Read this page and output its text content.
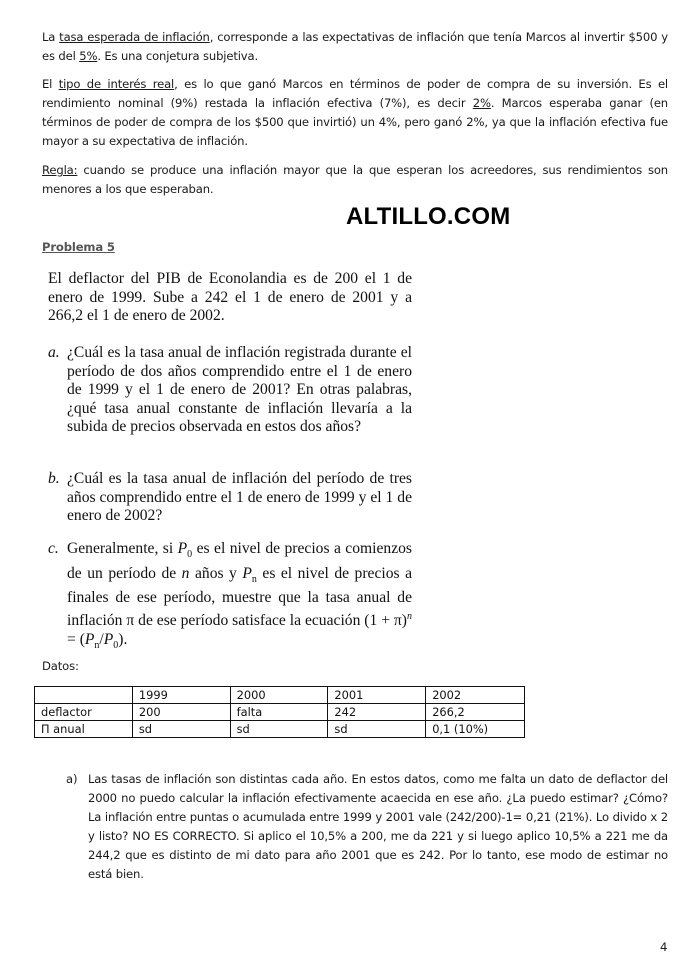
La tasa esperada de inflación, corresponde a las expectativas de inflación que tenía Marcos al invertir $500 y es del 5%. Es una conjetura subjetiva.

El tipo de interés real, es lo que ganó Marcos en términos de poder de compra de su inversión. Es el rendimiento nominal (9%) restada la inflación efectiva (7%), es decir 2%. Marcos esperaba ganar (en términos de poder de compra de los $500 que invirtió) un 4%, pero ganó 2%, ya que la inflación efectiva fue mayor a su expectativa de inflación.

Regla: cuando se produce una inflación mayor que la que esperan los acreedores, sus rendimientos son menores a los que esperaban.

ALTILLO.COM

Problema 5

El deflactor del PIB de Econolandia es de 200 el 1 de enero de 1999. Sube a 242 el 1 de enero de 2001 y a 266,2 el 1 de enero de 2002.

a. ¿Cuál es la tasa anual de inflación registrada durante el período de dos años comprendido entre el 1 de enero de 1999 y el 1 de enero de 2001? En otras palabras, ¿qué tasa anual constante de inflación llevaría a la subida de precios observada en estos dos años?

b. ¿Cuál es la tasa anual de inflación del período de tres años comprendido entre el 1 de enero de 1999 y el 1 de enero de 2002?

c. Generalmente, si $P_0$ es el nivel de precios a comienzos de un período de n años y $P_n$ es el nivel de precios a finales de ese período, muestre que la tasa anual de inflación π de ese período satisface la ecuación $(1 + \pi)^n = (P_n/P_0)$.

Datos:

	1999	2000	2001	2002
deflactor	200	falta	242	266,2
Π anual	sd	sd	sd	0,1 (10%)
a) Las tasas de inflación son distintas cada año. En estos datos, como me falta un dato de deflactor del 2000 no puedo calcular la inflación efectivamente acaecida en ese año. ¿La puedo estimar? ¿Cómo? La inflación entre puntas o acumulada entre 1999 y 2001 vale (242/200)-1= 0,21 (21%). Lo divido x 2 y listo? NO ES CORRECTO. Si aplico el 10,5% a 200, me da 221 y si luego aplico 10,5% a 221 me da 244,2 que es distinto de mi dato para año 2001 que es 242. Por lo tanto, ese modo de estimar no está bien.

4
